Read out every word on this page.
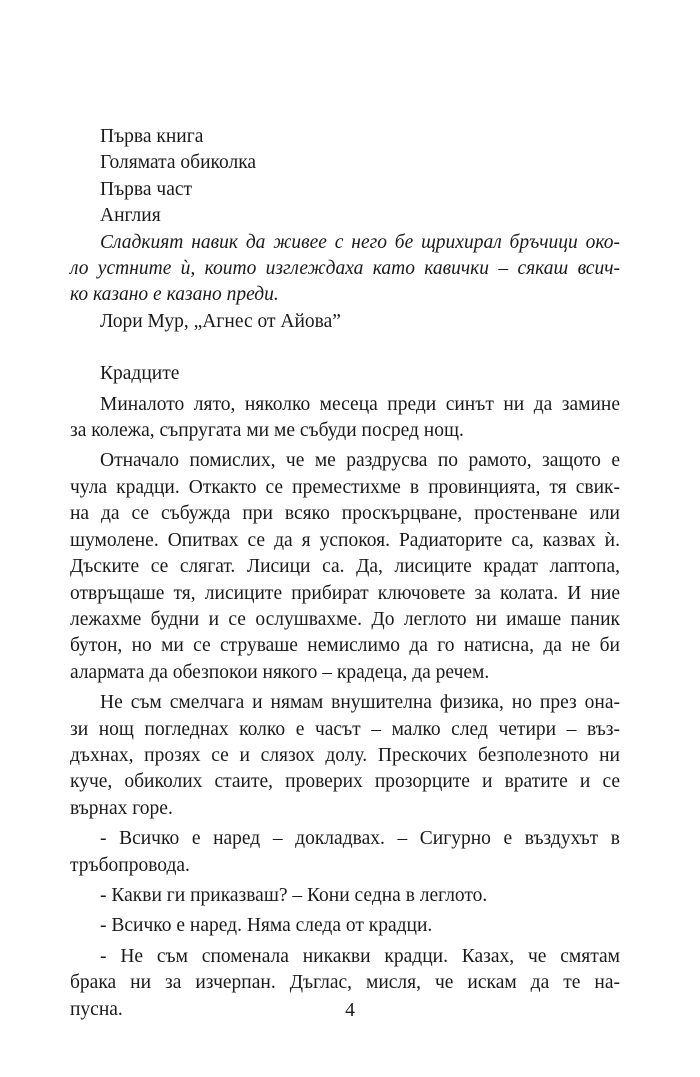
Първа книга
Голямата обиколка
Първа част
Англия
Сладкият навик да живее с него бе щрихирал бръчици око-
ло устните ѝ, които изглеждаха като кавички – сякаш всич-
ко казано е казано преди.
Лори Мур, „Агнес от Айова”
Крадците
Миналото лято, няколко месеца преди синът ни да замине
за колежа, съпругата ми ме събуди посред нощ.
Отначало помислих, че ме раздрусва по рамото, защото е
чула крадци. Откакто се преместихме в провинцията, тя свик-
на да се събужда при всяко проскърцване, простенване или
шумолене. Опитвах се да я успокоя. Радиаторите са, казвах ѝ.
Дъските се слягат. Лисици са. Да, лисиците крадат лаптопа,
отвръщаше тя, лисиците прибират ключовете за колата. И ние
лежахме будни и се ослушвахме. До леглото ни имаше паник
бутон, но ми се струваше немислимо да го натисна, да не би
алармата да обезпокои някого – крадеца, да речем.
Не съм смелчага и нямам внушителна физика, но през она-
зи нощ погледнах колко е часът – малко след четири – въз-
дъхнах, прозях се и слязох долу. Прескочих безполезното ни
куче, обиколих стаите, проверих прозорците и вратите и се
върнах горе.
- Всичко е наред – докладвах. – Сигурно е въздухът в
тръбопровода.
- Какви ги приказваш? – Кони седна в леглото.
- Всичко е наред. Няма следа от крадци.
- Не съм споменала никакви крадци. Казах, че смятам
брака ни за изчерпан. Дъглас, мисля, че искам да те на-
пусна.	4
